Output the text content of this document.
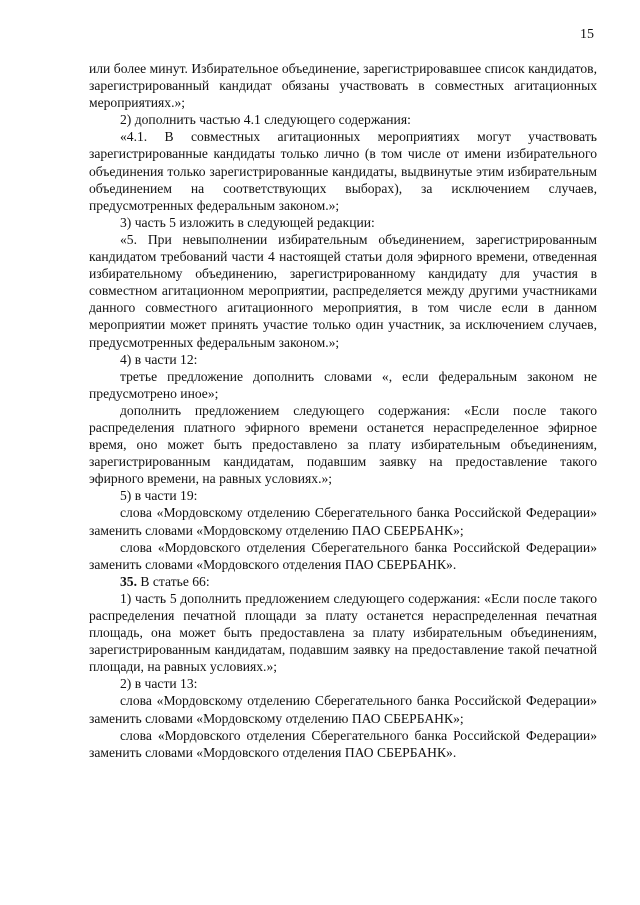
15

или более минут. Избирательное объединение, зарегистрировавшее список кандидатов, зарегистрированный кандидат обязаны участвовать в совместных агитационных мероприятиях.»;

2) дополнить частью 4.1 следующего содержания:

«4.1. В совместных агитационных мероприятиях могут участвовать зарегистрированные кандидаты только лично (в том числе от имени избирательного объединения только зарегистрированные кандидаты, выдвинутые этим избирательным объединением на соответствующих выборах), за исключением случаев, предусмотренных федеральным законом.»;

3) часть 5 изложить в следующей редакции:

«5. При невыполнении избирательным объединением, зарегистрированным кандидатом требований части 4 настоящей статьи доля эфирного времени, отведенная избирательному объединению, зарегистрированному кандидату для участия в совместном агитационном мероприятии, распределяется между другими участниками данного совместного агитационного мероприятия, в том числе если в данном мероприятии может принять участие только один участник, за исключением случаев, предусмотренных федеральным законом.»;

4) в части 12:

третье предложение дополнить словами «, если федеральным законом не предусмотрено иное»;

дополнить предложением следующего содержания: «Если после такого распределения платного эфирного времени останется нераспределенное эфирное время, оно может быть предоставлено за плату избирательным объединениям, зарегистрированным кандидатам, подавшим заявку на предоставление такого эфирного времени, на равных условиях.»;

5) в части 19:

слова «Мордовскому отделению Сберегательного банка Российской Федерации» заменить словами «Мордовскому отделению ПАО СБЕРБАНК»;

слова «Мордовского отделения Сберегательного банка Российской Федерации» заменить словами «Мордовского отделения ПАО СБЕРБАНК».

35. В статье 66:

1) часть 5 дополнить предложением следующего содержания: «Если после такого распределения печатной площади за плату останется нераспределенная печатная площадь, она может быть предоставлена за плату избирательным объединениям, зарегистрированным кандидатам, подавшим заявку на предоставление такой печатной площади, на равных условиях.»;

2) в части 13:

слова «Мордовскому отделению Сберегательного банка Российской Федерации» заменить словами «Мордовскому отделению ПАО СБЕРБАНК»;

слова «Мордовского отделения Сберегательного банка Российской Федерации» заменить словами «Мордовского отделения ПАО СБЕРБАНК».
